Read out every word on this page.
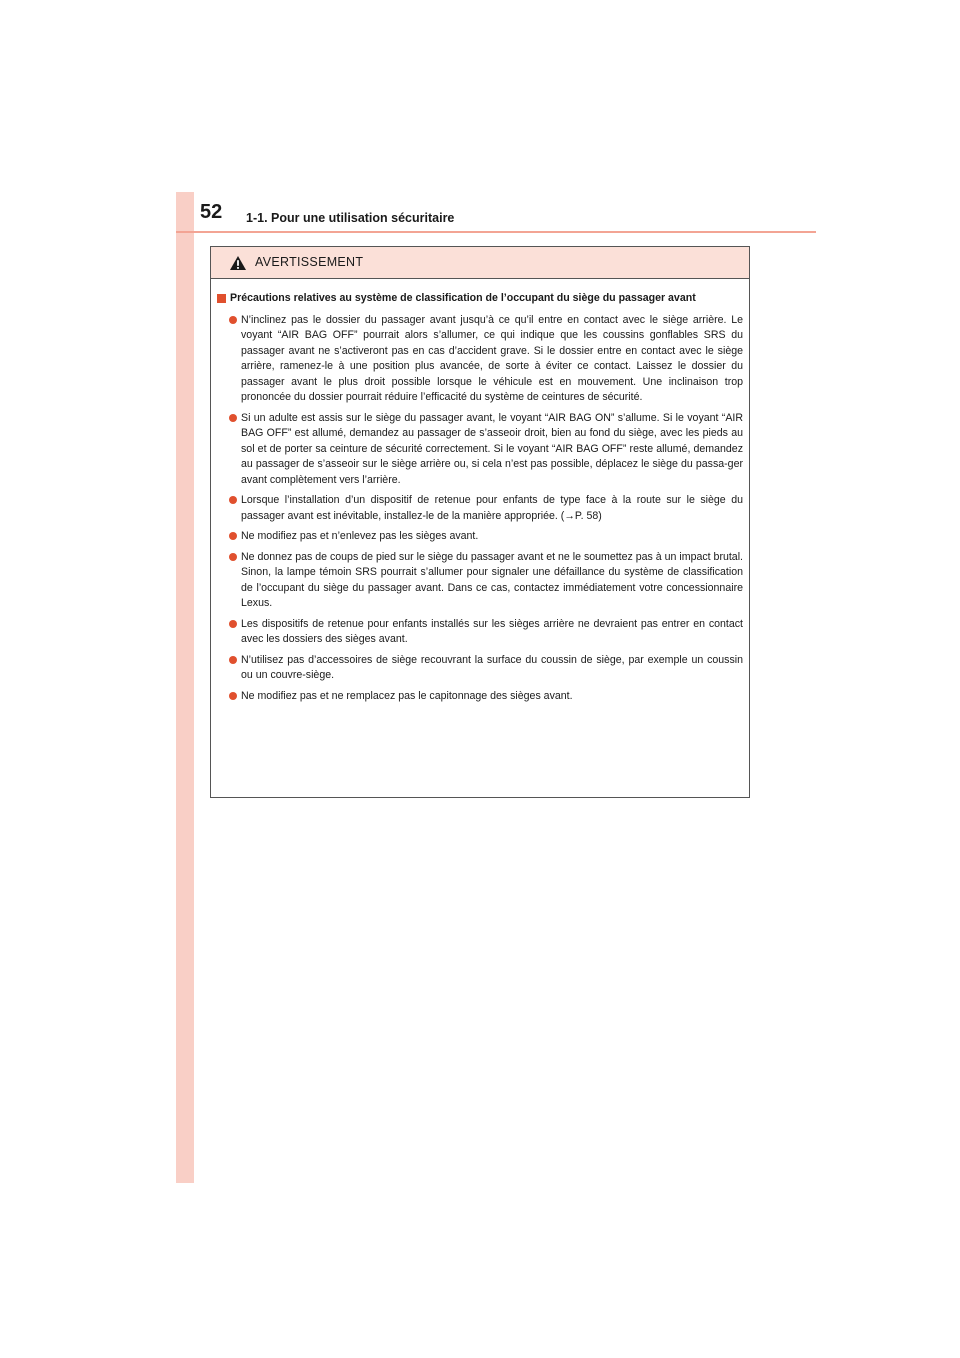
52 1-1. Pour une utilisation sécuritaire
AVERTISSEMENT
Précautions relatives au système de classification de l’occupant du siège du passager avant
N’inclinez pas le dossier du passager avant jusqu’à ce qu’il entre en contact avec le siège arrière. Le voyant “AIR BAG OFF” pourrait alors s’allumer, ce qui indique que les coussins gonflables SRS du passager avant ne s’activeront pas en cas d’accident grave. Si le dossier entre en contact avec le siège arrière, ramenez-le à une position plus avancée, de sorte à éviter ce contact. Laissez le dossier du passager avant le plus droit possible lorsque le véhicule est en mouvement. Une inclinaison trop prononcée du dossier pourrait réduire l’efficacité du système de ceintures de sécurité.
Si un adulte est assis sur le siège du passager avant, le voyant “AIR BAG ON” s’allume. Si le voyant “AIR BAG OFF” est allumé, demandez au passager de s’asseoir droit, bien au fond du siège, avec les pieds au sol et de porter sa ceinture de sécurité correctement. Si le voyant “AIR BAG OFF” reste allumé, demandez au passager de s’asseoir sur le siège arrière ou, si cela n’est pas possible, déplacez le siège du passa-ger avant complètement vers l’arrière.
Lorsque l’installation d’un dispositif de retenue pour enfants de type face à la route sur le siège du passager avant est inévitable, installez-le de la manière appropriée. (→P. 58)
Ne modifiez pas et n’enlevez pas les sièges avant.
Ne donnez pas de coups de pied sur le siège du passager avant et ne le soumettez pas à un impact brutal. Sinon, la lampe témoin SRS pourrait s’allumer pour signaler une défaillance du système de classification de l’occupant du siège du passager avant. Dans ce cas, contactez immédiatement votre concessionnaire Lexus.
Les dispositifs de retenue pour enfants installés sur les sièges arrière ne devraient pas entrer en contact avec les dossiers des sièges avant.
N’utilisez pas d’accessoires de siège recouvrant la surface du coussin de siège, par exemple un coussin ou un couvre-siège.
Ne modifiez pas et ne remplacez pas le capitonnage des sièges avant.
